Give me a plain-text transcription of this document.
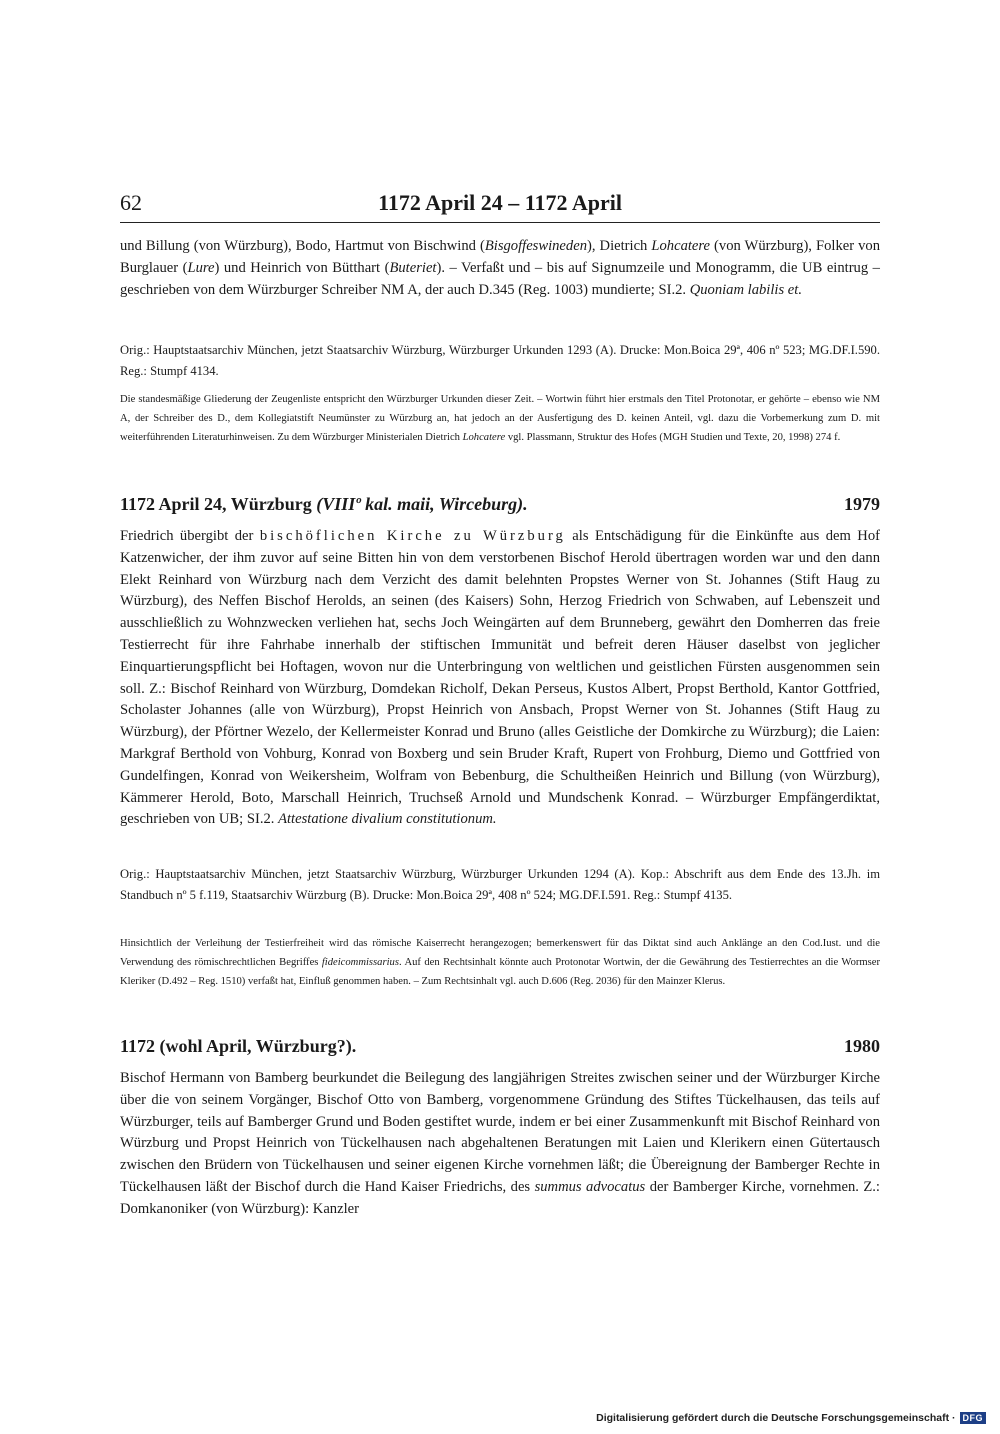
62	1172 April 24 – 1172 April

und Billung (von Würzburg), Bodo, Hartmut von Bischwind (Bisgoffeswineden), Dietrich Lohcatere (von Würzburg), Folker von Burglauer (Lure) und Heinrich von Bütthart (Buteriet). – Verfaßt und – bis auf Signumzeile und Monogramm, die UB eintrug – geschrieben von dem Würzburger Schreiber NM A, der auch D.345 (Reg. 1003) mundierte; SI.2. Quoniam labilis et.

Orig.: Hauptstaatsarchiv München, jetzt Staatsarchiv Würzburg, Würzburger Urkunden 1293 (A). Drucke: Mon.Boica 29ª, 406 nº 523; MG.DF.I.590. Reg.: Stumpf 4134.

Die standesmäßige Gliederung der Zeugenliste entspricht den Würzburger Urkunden dieser Zeit. – Wortwin führt hier erstmals den Titel Protonotar, er gehörte – ebenso wie NM A, der Schreiber des D., dem Kollegiatstift Neumünster zu Würzburg an, hat jedoch an der Ausfertigung des D. keinen Anteil, vgl. dazu die Vorbemerkung zum D. mit weiterführenden Literaturhinweisen. Zu dem Würzburger Ministerialen Dietrich Lohcatere vgl. Plassmann, Struktur des Hofes (MGH Studien und Texte, 20, 1998) 274 f.

1172 April 24, Würzburg (VIIIº kal. maii, Wirceburg).	1979

Friedrich übergibt der bischöflichen Kirche zu Würzburg als Entschädigung für die Einkünfte aus dem Hof Katzenwicher, der ihm zuvor auf seine Bitten hin von dem verstorbenen Bischof Herold übertragen worden war und den dann Elekt Reinhard von Würzburg nach dem Verzicht des damit belehnten Propstes Werner von St. Johannes (Stift Haug zu Würzburg), des Neffen Bischof Herolds, an seinen (des Kaisers) Sohn, Herzog Friedrich von Schwaben, auf Lebenszeit und ausschließlich zu Wohnzwecken verliehen hat, sechs Joch Weingärten auf dem Brunneberg, gewährt den Domherren das freie Testierrecht für ihre Fahrhabe innerhalb der stiftischen Immunität und befreit deren Häuser daselbst von jeglicher Einquartierungspflicht bei Hoftagen, wovon nur die Unterbringung von weltlichen und geistlichen Fürsten ausgenommen sein soll. Z.: Bischof Reinhard von Würzburg, Domdekan Richolf, Dekan Perseus, Kustos Albert, Propst Berthold, Kantor Gottfried, Scholaster Johannes (alle von Würzburg), Propst Heinrich von Ansbach, Propst Werner von St. Johannes (Stift Haug zu Würzburg), der Pförtner Wezelo, der Kellermeister Konrad und Bruno (alles Geistliche der Domkirche zu Würzburg); die Laien: Markgraf Berthold von Vohburg, Konrad von Boxberg und sein Bruder Kraft, Rupert von Frohburg, Diemo und Gottfried von Gundelfingen, Konrad von Weikersheim, Wolfram von Bebenburg, die Schultheißen Heinrich und Billung (von Würzburg), Kämmerer Herold, Boto, Marschall Heinrich, Truchseß Arnold und Mundschenk Konrad. – Würzburger Empfängerdiktat, geschrieben von UB; SI.2. Attestatione divalium constitutionum.

Orig.: Hauptstaatsarchiv München, jetzt Staatsarchiv Würzburg, Würzburger Urkunden 1294 (A). Kop.: Abschrift aus dem Ende des 13.Jh. im Standbuch nº 5 f.119, Staatsarchiv Würzburg (B). Drucke: Mon.Boica 29ª, 408 nº 524; MG.DF.I.591. Reg.: Stumpf 4135.

Hinsichtlich der Verleihung der Testierfreiheit wird das römische Kaiserrecht herangezogen; bemerkenswert für das Diktat sind auch Anklänge an den Cod.Iust. und die Verwendung des römischrechtlichen Begriffes fideicommissarius. Auf den Rechtsinhalt könnte auch Protonotar Wortwin, der die Gewährung des Testierrechtes an die Wormser Kleriker (D.492 – Reg. 1510) verfaßt hat, Einfluß genommen haben. – Zum Rechtsinhalt vgl. auch D.606 (Reg. 2036) für den Mainzer Klerus.

1172 (wohl April, Würzburg?).	1980

Bischof Hermann von Bamberg beurkundet die Beilegung des langjährigen Streites zwischen seiner und der Würzburger Kirche über die von seinem Vorgänger, Bischof Otto von Bamberg, vorgenommene Gründung des Stiftes Tückelhausen, das teils auf Würzburger, teils auf Bamberger Grund und Boden gestiftet wurde, indem er bei einer Zusammenkunft mit Bischof Reinhard von Würzburg und Propst Heinrich von Tückelhausen nach abgehaltenen Beratungen mit Laien und Klerikern einen Gütertausch zwischen den Brüdern von Tückelhausen und seiner eigenen Kirche vornehmen läßt; die Übereignung der Bamberger Rechte in Tückelhausen läßt der Bischof durch die Hand Kaiser Friedrichs, des summus advocatus der Bamberger Kirche, vornehmen. Z.: Domkanoniker (von Würzburg): Kanzler

Digitalisierung gefördert durch die Deutsche Forschungsgemeinschaft · DFG
